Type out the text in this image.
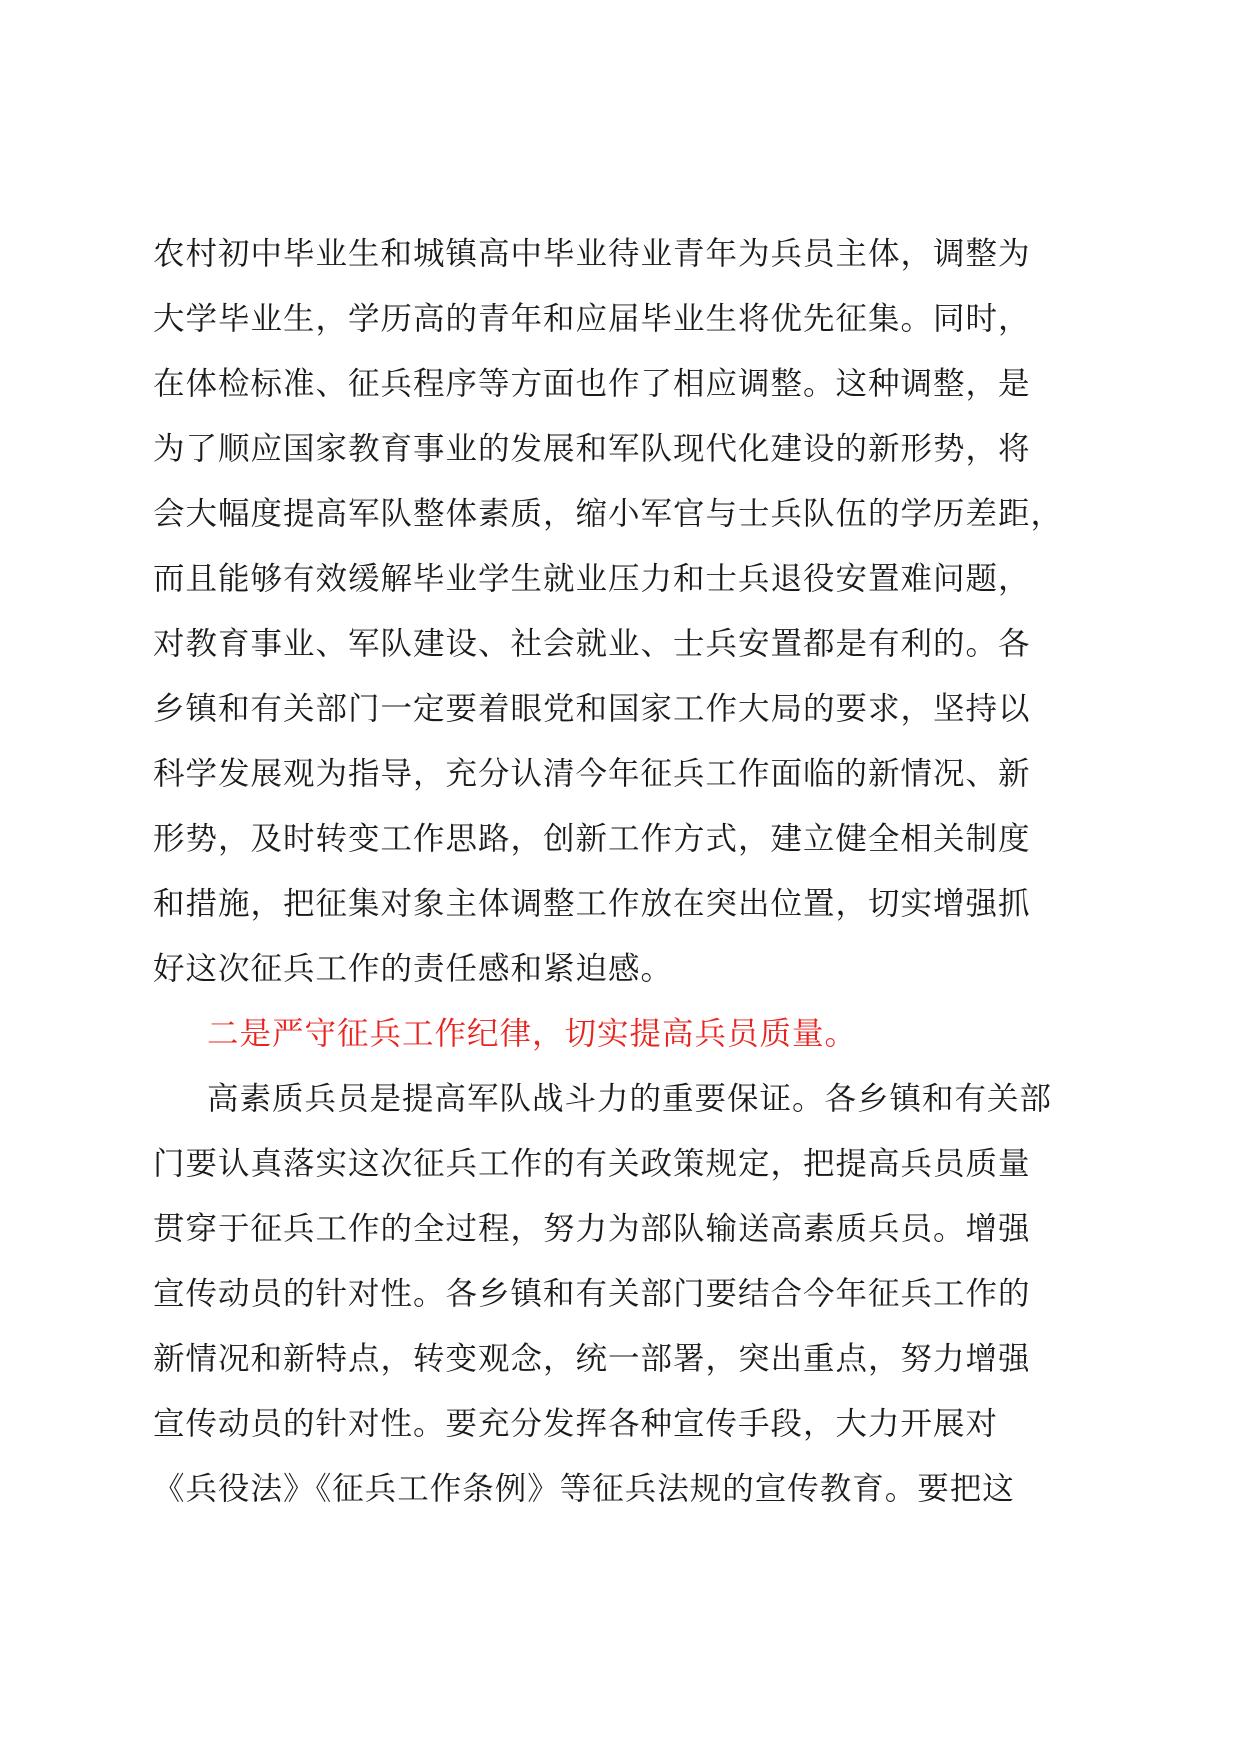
农村初中毕业生和城镇高中毕业待业青年为兵员主体，调整为
大学毕业生，学历高的青年和应届毕业生将优先征集。同时，
在体检标准、征兵程序等方面也作了相应调整。这种调整，是
为了顺应国家教育事业的发展和军队现代化建设的新形势，将
会大幅度提高军队整体素质，缩小军官与士兵队伍的学历差距，
而且能够有效缓解毕业学生就业压力和士兵退役安置难问题，
对教育事业、军队建设、社会就业、士兵安置都是有利的。各
乡镇和有关部门一定要着眼党和国家工作大局的要求，坚持以
科学发展观为指导，充分认清今年征兵工作面临的新情况、新
形势，及时转变工作思路，创新工作方式，建立健全相关制度
和措施，把征集对象主体调整工作放在突出位置，切实增强抓
好这次征兵工作的责任感和紧迫感。
二是严守征兵工作纪律，切实提高兵员质量。
高素质兵员是提高军队战斗力的重要保证。各乡镇和有关部
门要认真落实这次征兵工作的有关政策规定，把提高兵员质量
贯穿于征兵工作的全过程，努力为部队输送高素质兵员。增强
宣传动员的针对性。各乡镇和有关部门要结合今年征兵工作的
新情况和新特点，转变观念，统一部署，突出重点，努力增强
宣传动员的针对性。要充分发挥各种宣传手段，大力开展对
《兵役法》《征兵工作条例》等征兵法规的宣传教育。要把这
